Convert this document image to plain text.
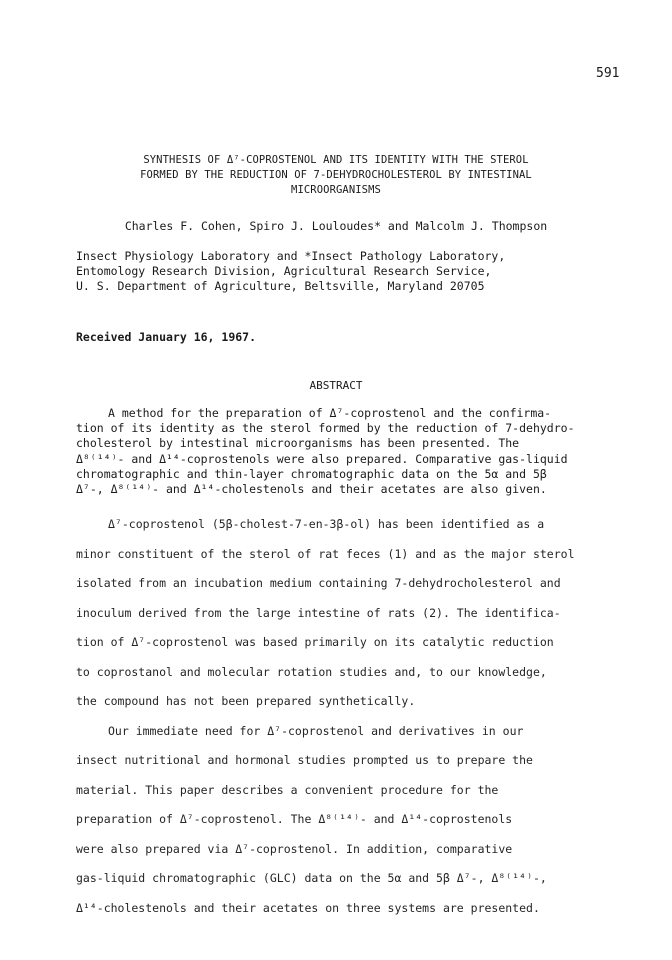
591
SYNTHESIS OF Δ⁷-COPROSTENOL AND ITS IDENTITY WITH THE STEROL
FORMED BY THE REDUCTION OF 7-DEHYDROCHOLESTEROL BY INTESTINAL
MICROORGANISMS
Charles F. Cohen, Spiro J. Louloudes* and Malcolm J. Thompson
Insect Physiology Laboratory and *Insect Pathology Laboratory,
Entomology Research Division, Agricultural Research Service,
U. S. Department of Agriculture, Beltsville, Maryland 20705
Received January 16, 1967.
ABSTRACT
A method for the preparation of Δ⁷-coprostenol and the confirma-
tion of its identity as the sterol formed by the reduction of 7-dehydro-
cholesterol by intestinal microorganisms has been presented. The
Δ⁸⁽¹⁴⁾- and Δ¹⁴-coprostenols were also prepared. Comparative gas-liquid
chromatographic and thin-layer chromatographic data on the 5α and 5β
Δ⁷-, Δ⁸⁽¹⁴⁾- and Δ¹⁴-cholestenols and their acetates are also given.
Δ⁷-coprostenol (5β-cholest-7-en-3β-ol) has been identified as a
minor constituent of the sterol of rat feces (1) and as the major sterol
isolated from an incubation medium containing 7-dehydrocholesterol and
inoculum derived from the large intestine of rats (2). The identifica-
tion of Δ⁷-coprostenol was based primarily on its catalytic reduction
to coprostanol and molecular rotation studies and, to our knowledge,
the compound has not been prepared synthetically.
Our immediate need for Δ⁷-coprostenol and derivatives in our
insect nutritional and hormonal studies prompted us to prepare the
material. This paper describes a convenient procedure for the
preparation of Δ⁷-coprostenol. The Δ⁸⁽¹⁴⁾- and Δ¹⁴-coprostenols
were also prepared via Δ⁷-coprostenol. In addition, comparative
gas-liquid chromatographic (GLC) data on the 5α and 5β Δ⁷-, Δ⁸⁽¹⁴⁾-,
Δ¹⁴-cholestenols and their acetates on three systems are presented.
